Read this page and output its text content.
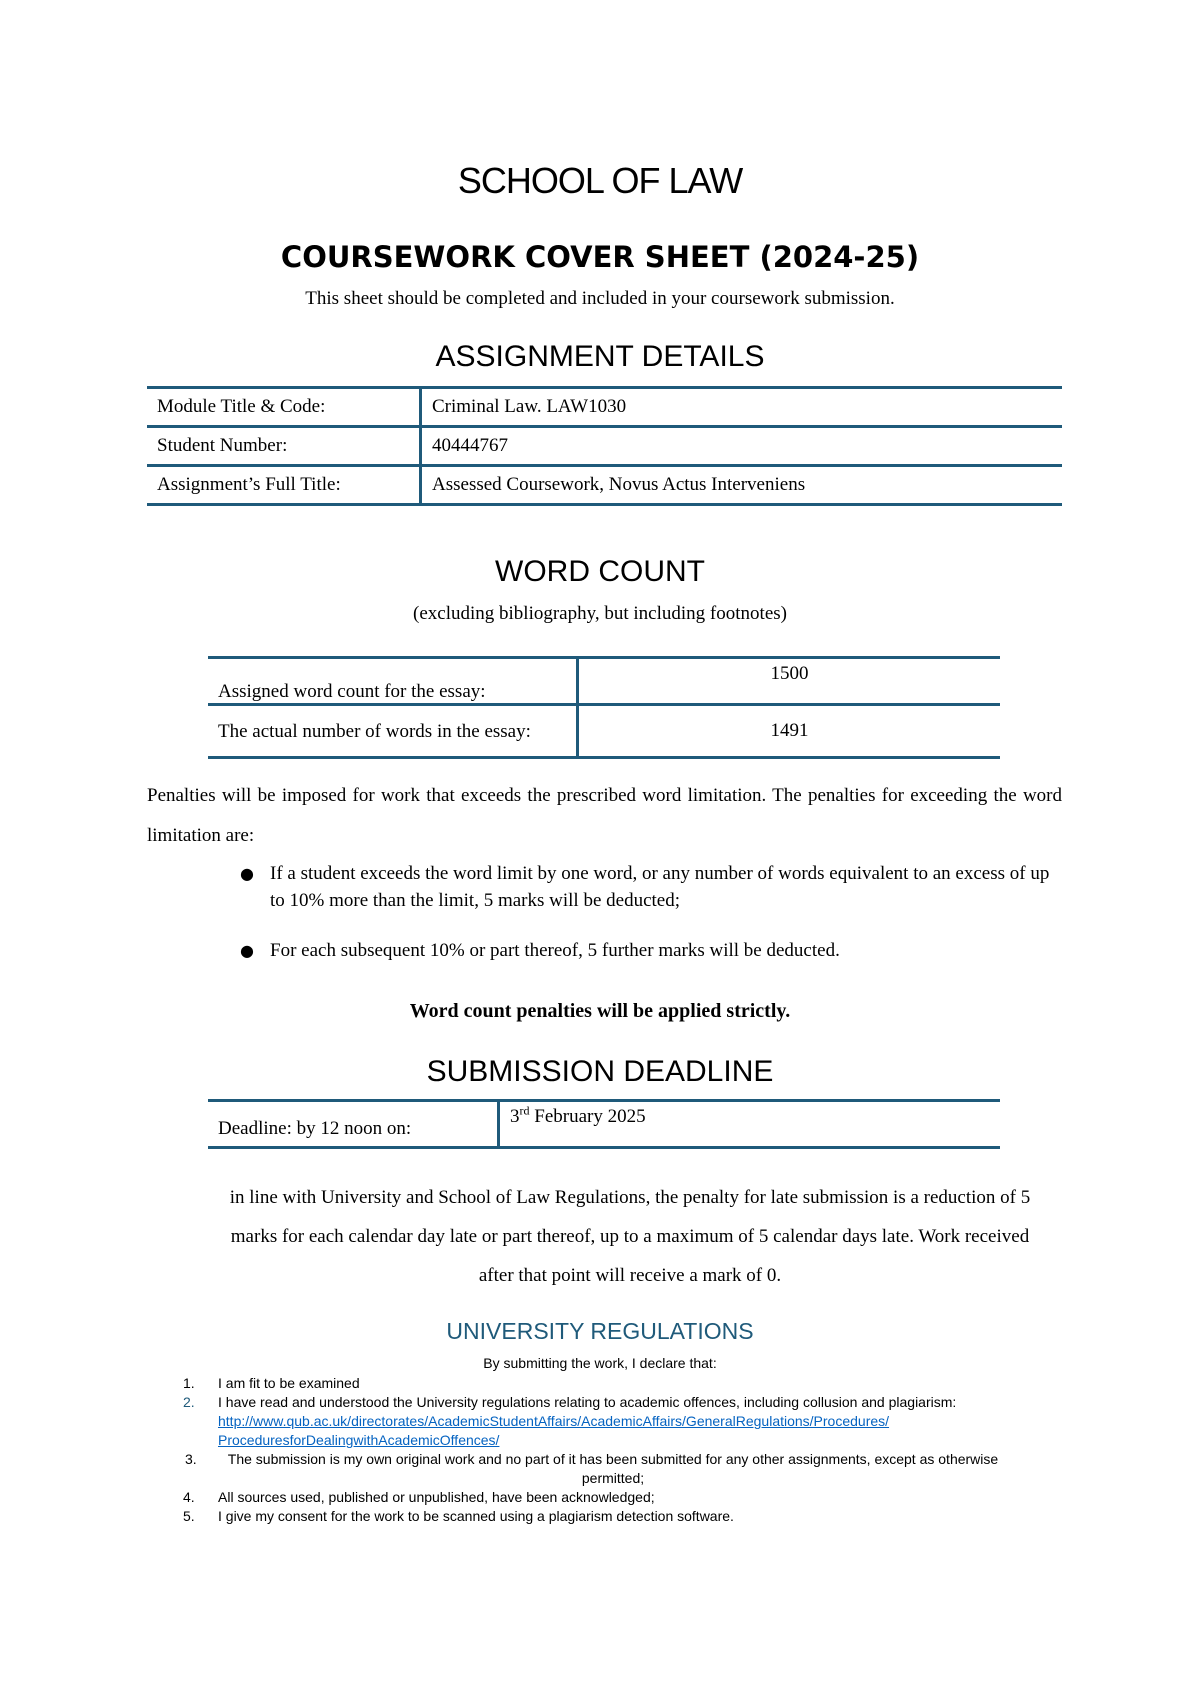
SCHOOL OF LAW
COURSEWORK COVER SHEET (2024-25)
This sheet should be completed and included in your coursework submission.
ASSIGNMENT DETAILS
Module Title & Code:	Criminal Law. LAW1030
Student Number:	40444767
Assignment’s Full Title:	Assessed Coursework, Novus Actus Interveniens
WORD COUNT
(excluding bibliography, but including footnotes)
Assigned word count for the essay:	1500
The actual number of words in the essay:	1491
Penalties will be imposed for work that exceeds the prescribed word limitation. The penalties for exceeding the word limitation are:
● If a student exceeds the word limit by one word, or any number of words equivalent to an excess of up to 10% more than the limit, 5 marks will be deducted;
● For each subsequent 10% or part thereof, 5 further marks will be deducted.
Word count penalties will be applied strictly.
SUBMISSION DEADLINE
Deadline: by 12 noon on:	3rd February 2025
in line with University and School of Law Regulations, the penalty for late submission is a reduction of 5 marks for each calendar day late or part thereof, up to a maximum of 5 calendar days late. Work received after that point will receive a mark of 0.
UNIVERSITY REGULATIONS
By submitting the work, I declare that:
1. I am fit to be examined
2. I have read and understood the University regulations relating to academic offences, including collusion and plagiarism:
http://www.qub.ac.uk/directorates/AcademicStudentAffairs/AcademicAffairs/GeneralRegulations/Procedures/
ProceduresforDealingwithAcademicOffences/
3. The submission is my own original work and no part of it has been submitted for any other assignments, except as otherwise permitted;
4. All sources used, published or unpublished, have been acknowledged;
5. I give my consent for the work to be scanned using a plagiarism detection software.
